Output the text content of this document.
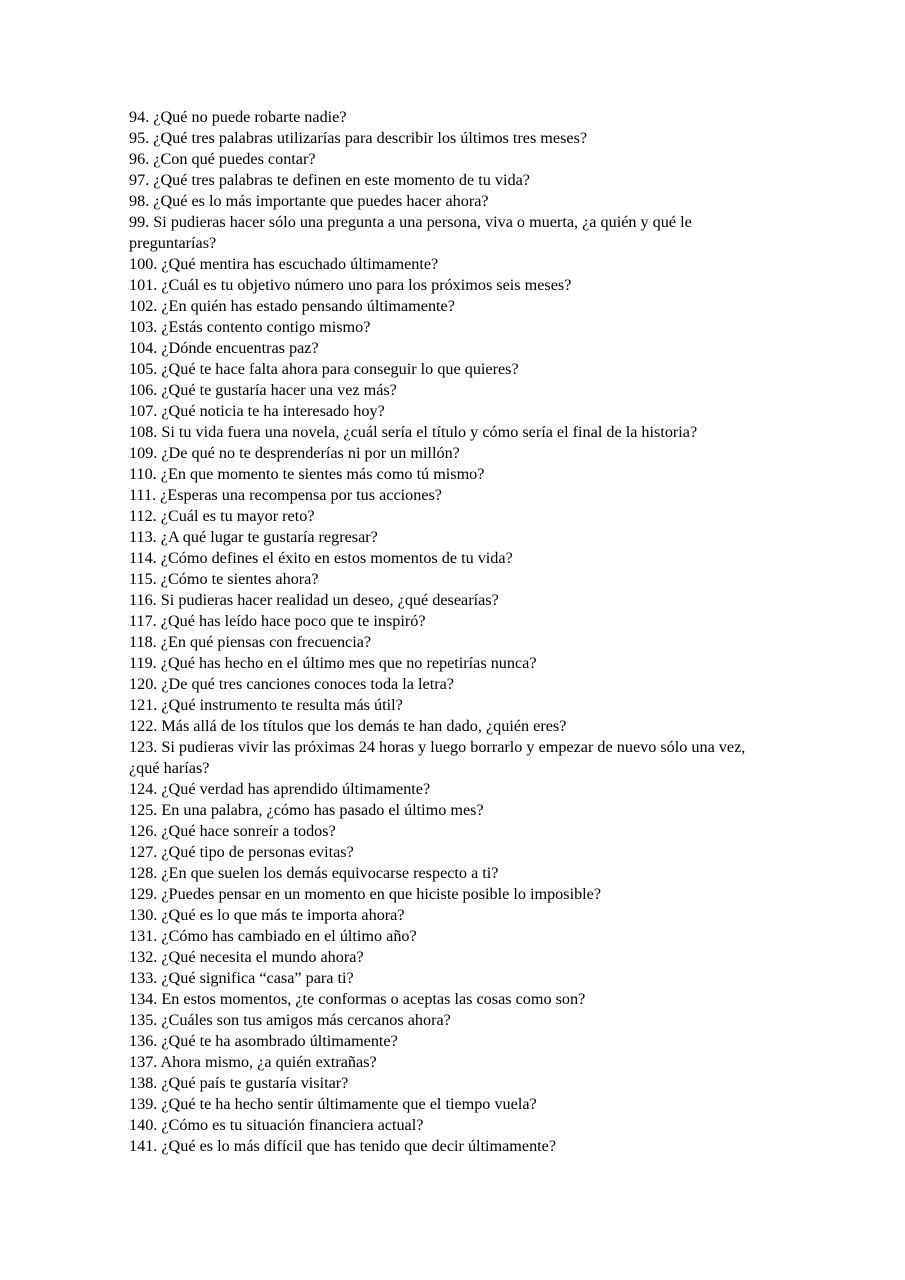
94. ¿Qué no puede robarte nadie?

95. ¿Qué tres palabras utilizarías para describir los últimos tres meses?

96. ¿Con qué puedes contar?

97. ¿Qué tres palabras te definen en este momento de tu vida?

98. ¿Qué es lo más importante que puedes hacer ahora?

99. Si pudieras hacer sólo una pregunta a una persona, viva o muerta, ¿a quién y qué le preguntarías?

100. ¿Qué mentira has escuchado últimamente?

101. ¿Cuál es tu objetivo número uno para los próximos seis meses?

102. ¿En quién has estado pensando últimamente?

103. ¿Estás contento contigo mismo?

104. ¿Dónde encuentras paz?

105. ¿Qué te hace falta ahora para conseguir lo que quieres?

106. ¿Qué te gustaría hacer una vez más?

107. ¿Qué noticia te ha interesado hoy?

108. Si tu vida fuera una novela, ¿cuál sería el título y cómo sería el final de la historia?

109. ¿De qué no te desprenderías ni por un millón?

110. ¿En que momento te sientes más como tú mismo?

111. ¿Esperas una recompensa por tus acciones?

112. ¿Cuál es tu mayor reto?

113. ¿A qué lugar te gustaría regresar?

114. ¿Cómo defines el éxito en estos momentos de tu vida?

115. ¿Cómo te sientes ahora?

116. Si pudieras hacer realidad un deseo, ¿qué desearías?

117. ¿Qué has leído hace poco que te inspiró?

118. ¿En qué piensas con frecuencia?

119. ¿Qué has hecho en el último mes que no repetirías nunca?

120. ¿De qué tres canciones conoces toda la letra?

121. ¿Qué instrumento te resulta más útil?

122. Más allá de los títulos que los demás te han dado, ¿quién eres?

123. Si pudieras vivir las próximas 24 horas y luego borrarlo y empezar de nuevo sólo una vez, ¿qué harías?

124. ¿Qué verdad has aprendido últimamente?

125. En una palabra, ¿cómo has pasado el último mes?

126. ¿Qué hace sonreír a todos?

127. ¿Qué tipo de personas evitas?

128. ¿En que suelen los demás equivocarse respecto a ti?

129. ¿Puedes pensar en un momento en que hiciste posible lo imposible?

130. ¿Qué es lo que más te importa ahora?

131. ¿Cómo has cambiado en el último año?

132. ¿Qué necesita el mundo ahora?

133. ¿Qué significa “casa” para ti?

134. En estos momentos, ¿te conformas o aceptas las cosas como son?

135. ¿Cuáles son tus amigos más cercanos ahora?

136. ¿Qué te ha asombrado últimamente?

137. Ahora mismo, ¿a quién extrañas?

138. ¿Qué país te gustaría visitar?

139. ¿Qué te ha hecho sentir últimamente que el tiempo vuela?

140. ¿Cómo es tu situación financiera actual?

141. ¿Qué es lo más difícil que has tenido que decir últimamente?
